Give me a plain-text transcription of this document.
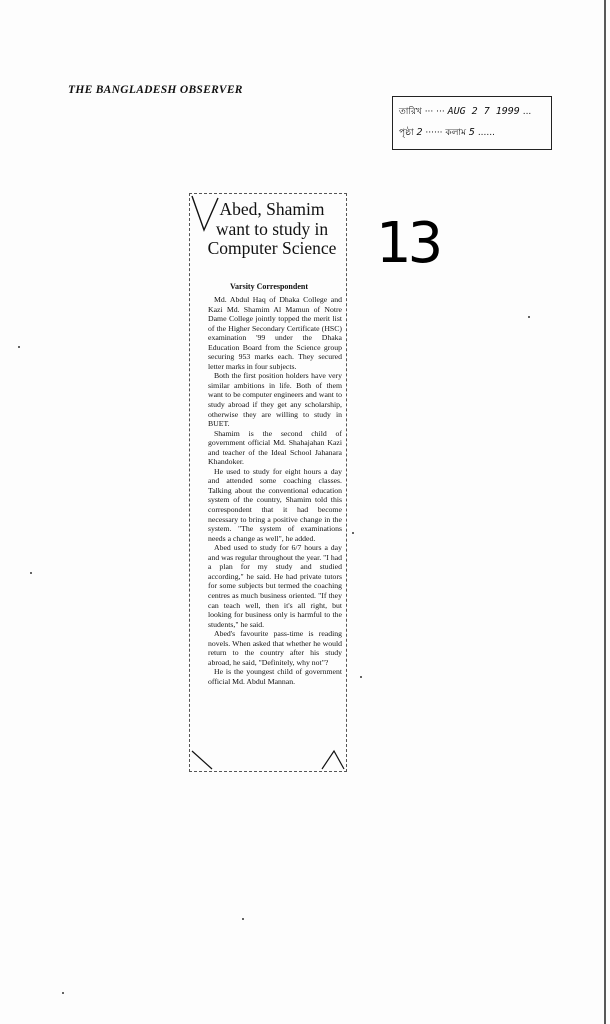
THE BANGLADESH OBSERVER
তারিখ ··· ··· AUG 2 7 1999 ...
পৃষ্ঠা 2 ······ কলাম 5 ......
13
Abed, Shamim want to study in Computer Science
Varsity Correspondent

Md. Abdul Haq of Dhaka College and Kazi Md. Shamim Al Mamun of Notre Dame College jointly topped the merit list of the Higher Secondary Certificate (HSC) examination '99 under the Dhaka Education Board from the Science group securing 953 marks each. They secured letter marks in four subjects.

Both the first position holders have very similar ambitions in life. Both of them want to be computer engineers and want to study abroad if they get any scholarship, otherwise they are willing to study in BUET.

Shamim is the second child of government official Md. Shahajahan Kazi and teacher of the Ideal School Jahanara Khandoker.

He used to study for eight hours a day and attended some coaching classes. Talking about the conventional education system of the country, Shamim told this correspondent that it had become necessary to bring a positive change in the system. "The system of examinations needs a change as well", he added.

Abed used to study for 6/7 hours a day and was regular throughout the year. "I had a plan for my study and studied according," he said. He had private tutors for some subjects but termed the coaching centres as much business oriented. "If they can teach well, then it's all right, but looking for business only is harmful to the students," he said.

Abed's favourite pass-time is reading novels. When asked that whether he would return to the country after his study abroad, he said, "Definitely, why not"?

He is the youngest child of government official Md. Abdul Mannan.
